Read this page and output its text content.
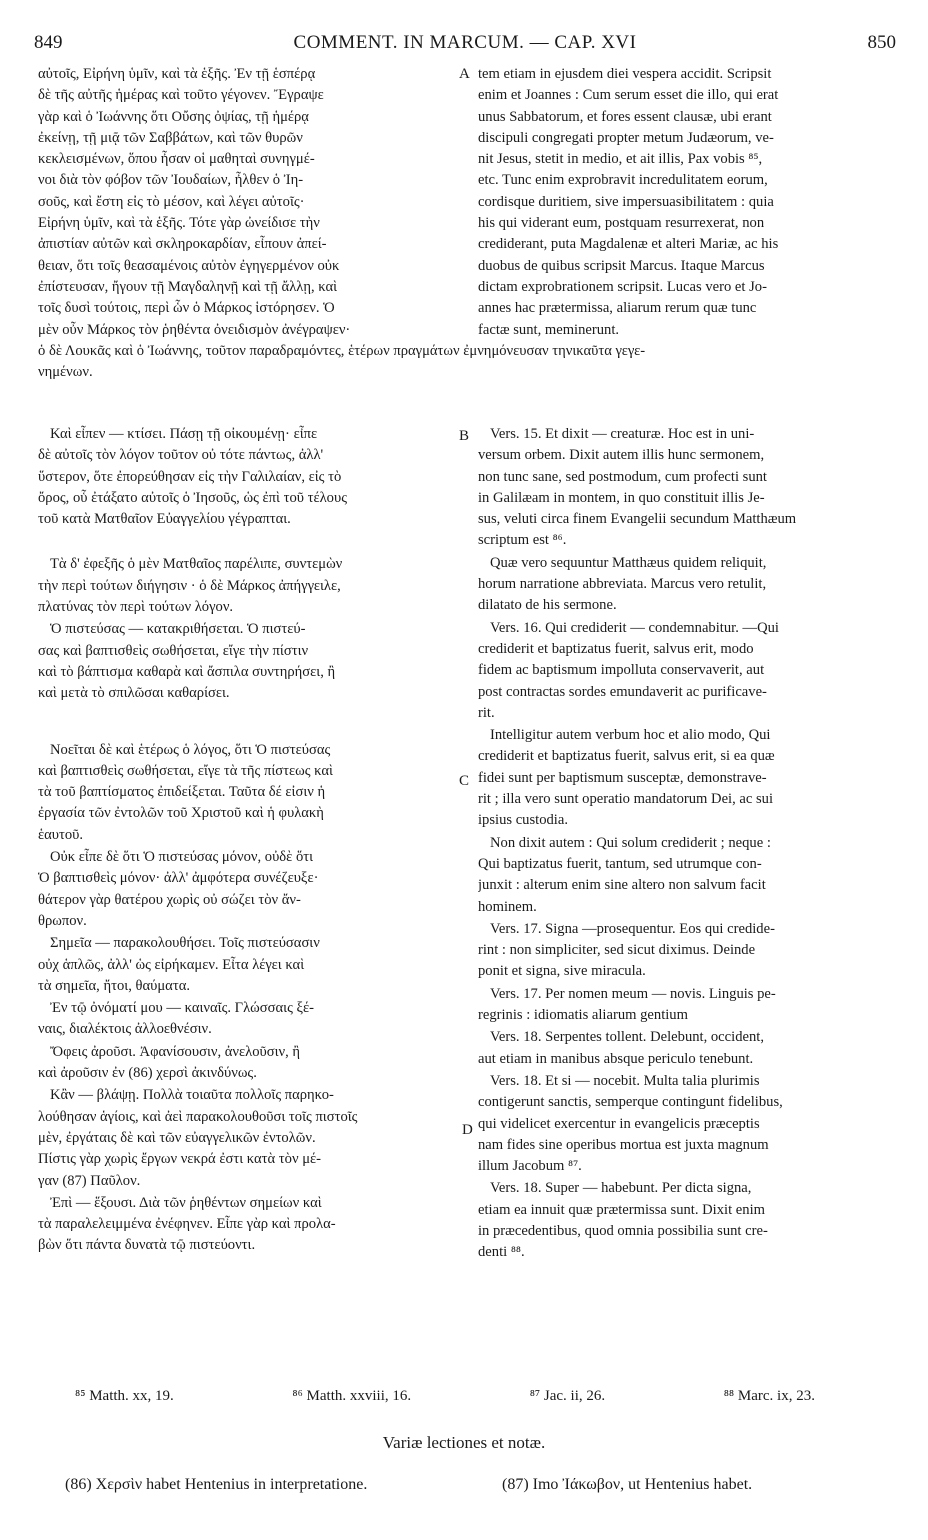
849	COMMENT. IN MARCUM. — CAP. XVI	850
A
B
C
D
αὐτοῖς, Εἰρήνη ὑμῖν, καὶ τὰ ἑξῆς. Ἐν τῇ ἑσπέρᾳ
δὲ τῆς αὐτῆς ἡμέρας καὶ τοῦτο γέγονεν. Ἔγραψε
γὰρ καὶ ὁ Ἰωάννης ὅτι Οὔσης ὀψίας, τῇ ἡμέρᾳ
ἐκείνῃ, τῇ μιᾷ τῶν Σαββάτων, καὶ τῶν θυρῶν
κεκλεισμένων, ὅπου ἦσαν οἱ μαθηταὶ συνηγμέ-
νοι διὰ τὸν φόβον τῶν Ἰουδαίων, ἦλθεν ὁ Ἰη-
σοῦς, καὶ ἔστη εἰς τὸ μέσον, καὶ λέγει αὐτοῖς·
Εἰρήνη ὑμῖν, καὶ τὰ ἑξῆς. Τότε γὰρ ὠνείδισε τὴν
ἀπιστίαν αὐτῶν καὶ σκληροκαρδίαν, εἶπουν ἀπεί-
θειαν, ὅτι τοῖς θεασαμένοις αὐτὸν ἐγηγερμένον οὐκ
ἐπίστευσαν, ἤγουν τῇ Μαγδαληνῇ καὶ τῇ ἄλλῃ, καὶ
τοῖς δυσὶ τούτοις, περὶ ὧν ὁ Μάρκος ἱστόρησεν. Ὁ
μὲν οὖν Μάρκος τὸν ῥηθέντα ὀνειδισμὸν ἀνέγραψεν·
tem etiam in ejusdem diei vespera accidit. Scripsit
enim et Joannes : Cum serum esset die illo, qui erat
unus Sabbatorum, et fores essent clausæ, ubi erant
discipuli congregati propter metum Judæorum, ve-
nit Jesus, stetit in medio, et ait illis, Pax vobis ⁸⁵,
etc. Tunc enim exprobravit incredulitatem eorum,
cordisque duritiem, sive impersuasibilitatem : quia
his qui viderant eum, postquam resurrexerat, non
crediderant, puta Magdalenæ et alteri Mariæ, ac his
duobus de quibus scripsit Marcus. Itaque Marcus
dictam exprobrationem scripsit. Lucas vero et Jo-
annes hac prætermissa, aliarum rerum quæ tunc
factæ sunt, meminerunt.
ὁ δὲ Λουκᾶς καὶ ὁ Ἰωάννης, τοῦτον παραδραμόντες, ἑτέρων πραγμάτων ἐμνημόνευσαν τηνικαῦτα γεγε-
νημένων.
Καὶ εἶπεν — κτίσει. Πάσῃ τῇ οἰκουμένῃ· εἶπε
δὲ αὐτοῖς τὸν λόγον τοῦτον οὐ τότε πάντως, ἀλλ'
ὕστερον, ὅτε ἐπορεύθησαν εἰς τὴν Γαλιλαίαν, εἰς τὸ
ὄρος, οὗ ἐτάξατο αὐτοῖς ὁ Ἰησοῦς, ὡς ἐπὶ τοῦ τέλους
τοῦ κατὰ Ματθαῖον Εὐαγγελίου γέγραπται.
Τὰ δ' ἐφεξῆς ὁ μὲν Ματθαῖος παρέλιπε, συντεμὼν
τὴν περὶ τούτων διήγησιν · ὁ δὲ Μάρκος ἀπήγγειλε,
πλατύνας τὸν περὶ τούτων λόγον.
Ὁ πιστεύσας — κατακριθήσεται. Ὁ πιστεύ-
σας καὶ βαπτισθεὶς σωθήσεται, εἴγε τὴν πίστιν
καὶ τὸ βάπτισμα καθαρὰ καὶ ἄσπιλα συντηρήσει, ἢ
καὶ μετὰ τὸ σπιλῶσαι καθαρίσει.
Νοεῖται δὲ καὶ ἑτέρως ὁ λόγος, ὅτι Ὁ πιστεύσας
καὶ βαπτισθεὶς σωθήσεται, εἴγε τὰ τῆς πίστεως καὶ
τὰ τοῦ βαπτίσματος ἐπιδείξεται. Ταῦτα δέ εἰσιν ἡ
ἐργασία τῶν ἐντολῶν τοῦ Χριστοῦ καὶ ἡ φυλακὴ
ἑαυτοῦ.
Οὐκ εἶπε δὲ ὅτι Ὁ πιστεύσας μόνον, οὐδὲ ὅτι
Ὁ βαπτισθεὶς μόνον· ἀλλ' ἀμφότερα συνέζευξε·
θάτερον γὰρ θατέρου χωρὶς οὐ σώζει τὸν ἄν-
θρωπον.
Σημεῖα — παρακολουθήσει. Τοῖς πιστεύσασιν
οὐχ ἁπλῶς, ἀλλ' ὡς εἰρήκαμεν. Εἶτα λέγει καὶ
τὰ σημεῖα, ἤτοι, θαύματα.
Ἐν τῷ ὀνόματί μου — καιναῖς. Γλώσσαις ξέ-
ναις, διαλέκτοις ἀλλοεθνέσιν.
Ὄφεις ἀροῦσι. Ἀφανίσουσιν, ἀνελοῦσιν, ἢ
καὶ ἀροῦσιν ἐν (86) χερσὶ ἀκινδύνως.
Κἂν — βλάψῃ. Πολλὰ τοιαῦτα πολλοῖς παρηκο-
λούθησαν ἁγίοις, καὶ ἀεὶ παρακολουθοῦσι τοῖς πιστοῖς
μὲν, ἐργάταις δὲ καὶ τῶν εὐαγγελικῶν ἐντολῶν.
Πίστις γὰρ χωρὶς ἔργων νεκρά ἐστι κατὰ τὸν μέ-
γαν (87) Παῦλον.
Ἐπὶ — ἕξουσι. Διὰ τῶν ῥηθέντων σημείων καὶ
τὰ παραλελειμμένα ἐνέφηνεν. Εἶπε γὰρ καὶ προλα-
βὼν ὅτι πάντα δυνατὰ τῷ πιστεύοντι.
Vers. 15. Et dixit — creaturæ. Hoc est in uni-
versum orbem. Dixit autem illis hunc sermonem,
non tunc sane, sed postmodum, cum profecti sunt
in Galilæam in montem, in quo constituit illis Je-
sus, veluti circa finem Evangelii secundum Matthæum
scriptum est ⁸⁶.
Quæ vero sequuntur Matthæus quidem reliquit,
horum narratione abbreviata. Marcus vero retulit,
dilatato de his sermone.
Vers. 16. Qui crediderit — condemnabitur. —Qui
crediderit et baptizatus fuerit, salvus erit, modo
fidem ac baptismum impolluta conservaverit, aut
post contractas sordes emundaverit ac purificave-
rit.
Intelligitur autem verbum hoc et alio modo, Qui
crediderit et baptizatus fuerit, salvus erit, si ea quæ
fidei sunt per baptismum susceptæ, demonstrave-
rit ; illa vero sunt operatio mandatorum Dei, ac sui
ipsius custodia.
Non dixit autem : Qui solum crediderit ; neque :
Qui baptizatus fuerit, tantum, sed utrumque con-
junxit : alterum enim sine altero non salvum facit
hominem.
Vers. 17. Signa —prosequentur. Eos qui credide-
rint : non simpliciter, sed sicut diximus. Deinde
ponit et signa, sive miracula.
Vers. 17. Per nomen meum — novis. Linguis pe-
regrinis : idiomatis aliarum gentium
Vers. 18. Serpentes tollent. Delebunt, occident,
aut etiam in manibus absque periculo tenebunt.
Vers. 18. Et si — nocebit. Multa talia plurimis
contigerunt sanctis, semperque contingunt fidelibus,
qui videlicet exercentur in evangelicis præceptis
nam fides sine operibus mortua est juxta magnum
illum Jacobum ⁸⁷.
Vers. 18. Super — habebunt. Per dicta signa,
etiam ea innuit quæ prætermissa sunt. Dixit enim
in præcedentibus, quod omnia possibilia sunt cre-
denti ⁸⁸.
⁸⁵ Matth. xx, 19.	⁸⁶ Matth. xxviii, 16.	⁸⁷ Jac. ii, 26.	⁸⁸ Marc. ix, 23.
Variæ lectiones et notæ.
(86) Χερσὶν habet Hentenius in interpretatione.	(87) Imo Ἰάκωβον, ut Hentenius habet.
